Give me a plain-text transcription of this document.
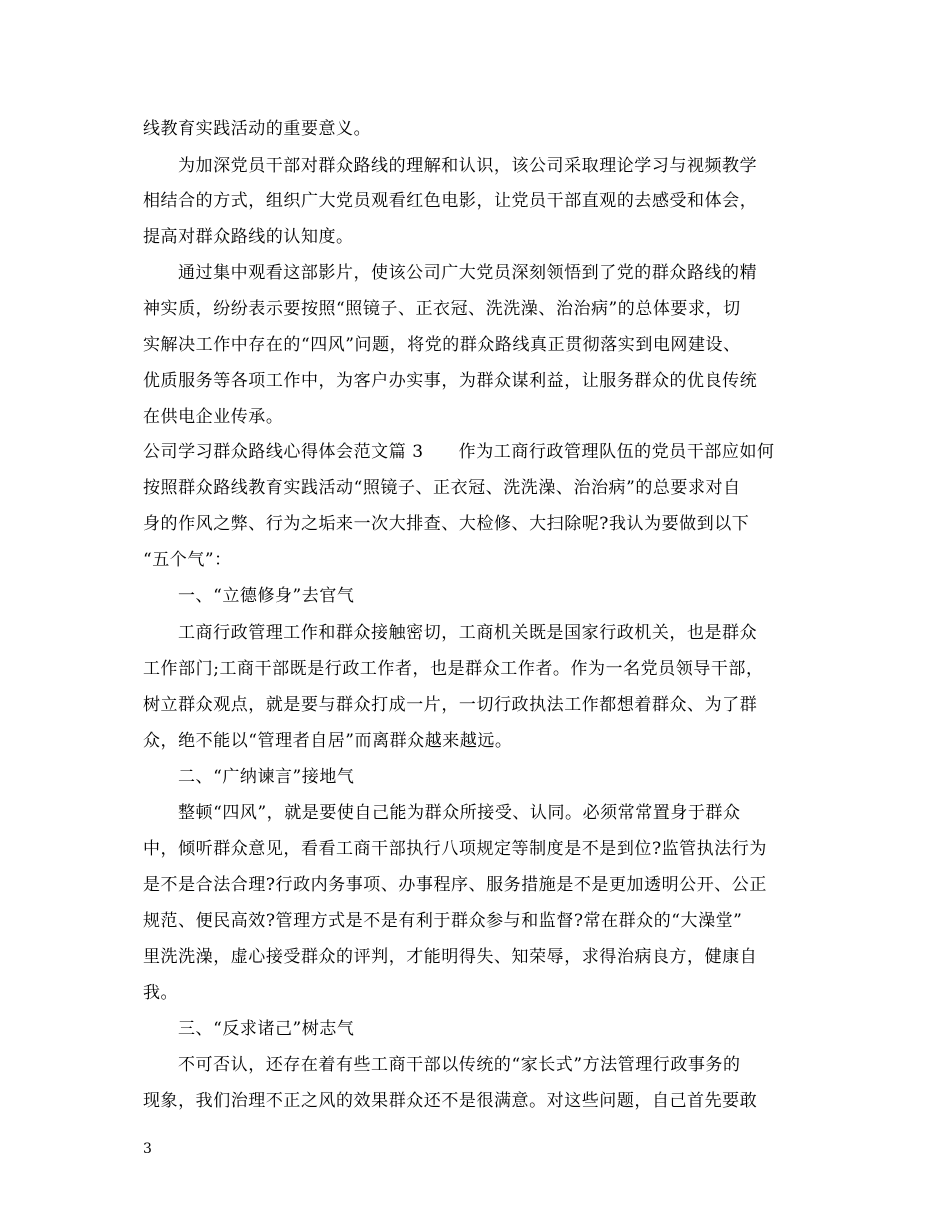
线教育实践活动的重要意义。
为加深党员干部对群众路线的理解和认识，该公司采取理论学习与视频教学
相结合的方式，组织广大党员观看红色电影，让党员干部直观的去感受和体会，
提高对群众路线的认知度。
通过集中观看这部影片，使该公司广大党员深刻领悟到了党的群众路线的精
神实质，纷纷表示要按照“照镜子、正衣冠、洗洗澡、治治病”的总体要求，切
实解决工作中存在的“四风”问题，将党的群众路线真正贯彻落实到电网建设、
优质服务等各项工作中，为客户办实事，为群众谋利益，让服务群众的优良传统
在供电企业传承。
公司学习群众路线心得体会范文篇 3　　作为工商行政管理队伍的党员干部应如何
按照群众路线教育实践活动“照镜子、正衣冠、洗洗澡、治治病”的总要求对自
身的作风之弊、行为之垢来一次大排查、大检修、大扫除呢?我认为要做到以下
“五个气”：
一、“立德修身”去官气
工商行政管理工作和群众接触密切，工商机关既是国家行政机关，也是群众
工作部门;工商干部既是行政工作者，也是群众工作者。作为一名党员领导干部，
树立群众观点，就是要与群众打成一片，一切行政执法工作都想着群众、为了群
众，绝不能以“管理者自居”而离群众越来越远。
二、“广纳谏言”接地气
整顿“四风”，就是要使自己能为群众所接受、认同。必须常常置身于群众
中，倾听群众意见，看看工商干部执行八项规定等制度是不是到位?监管执法行为
是不是合法合理?行政内务事项、办事程序、服务措施是不是更加透明公开、公正
规范、便民高效?管理方式是不是有利于群众参与和监督?常在群众的“大澡堂”
里洗洗澡，虚心接受群众的评判，才能明得失、知荣辱，求得治病良方，健康自
我。
三、“反求诸己”树志气
不可否认，还存在着有些工商干部以传统的“家长式”方法管理行政事务的
现象，我们治理不正之风的效果群众还不是很满意。对这些问题，自己首先要敢
3
